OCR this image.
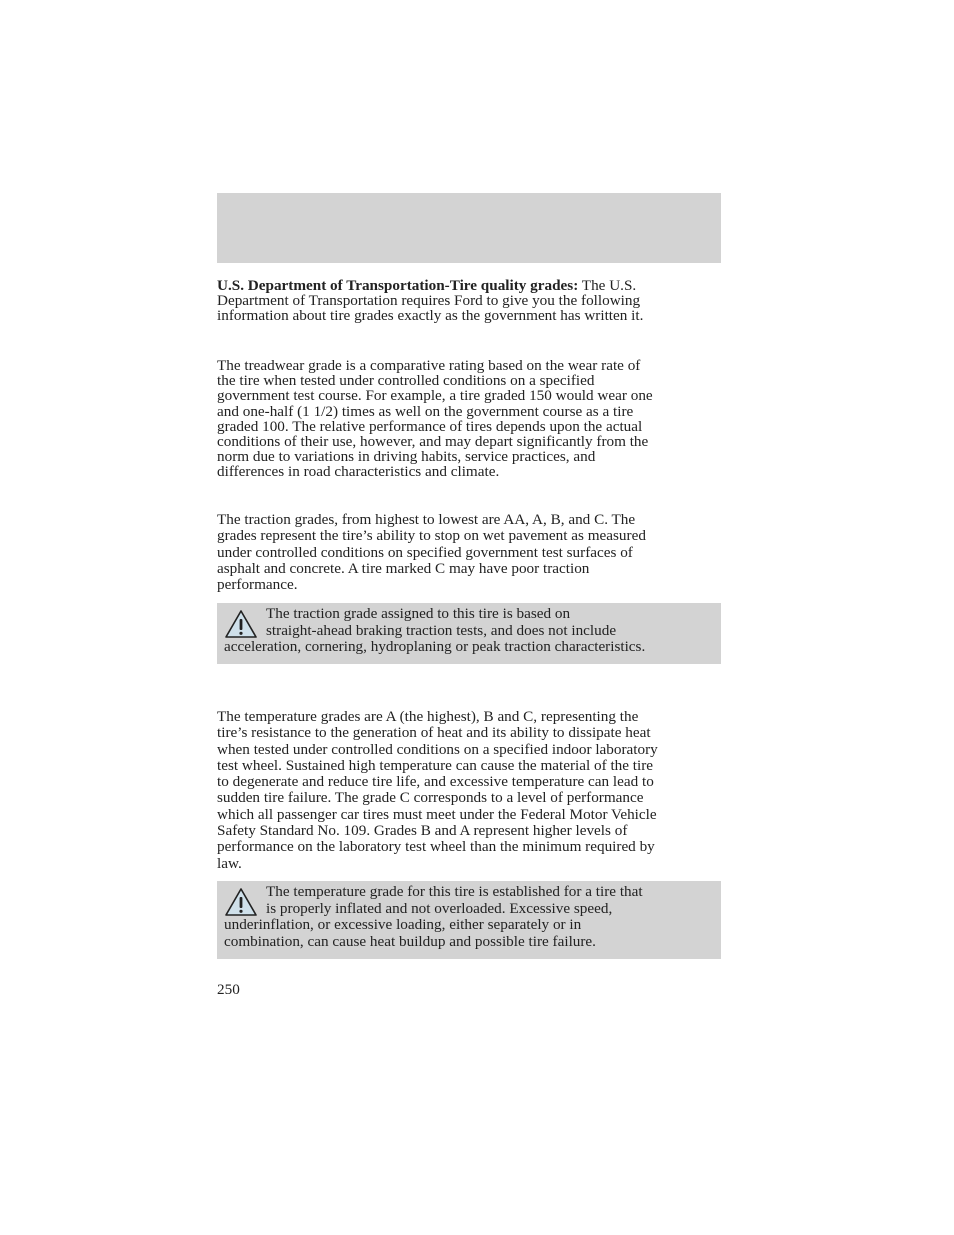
U.S. Department of Transportation-Tire quality grades: The U.S.
Department of Transportation requires Ford to give you the following
information about tire grades exactly as the government has written it.

The treadwear grade is a comparative rating based on the wear rate of
the tire when tested under controlled conditions on a specified
government test course. For example, a tire graded 150 would wear one
and one-half (1 1/2) times as well on the government course as a tire
graded 100. The relative performance of tires depends upon the actual
conditions of their use, however, and may depart significantly from the
norm due to variations in driving habits, service practices, and
differences in road characteristics and climate.

The traction grades, from highest to lowest are AA, A, B, and C. The
grades represent the tire’s ability to stop on wet pavement as measured
under controlled conditions on specified government test surfaces of
asphalt and concrete. A tire marked C may have poor traction
performance.

The traction grade assigned to this tire is based on
straight-ahead braking traction tests, and does not include
acceleration, cornering, hydroplaning or peak traction characteristics.

The temperature grades are A (the highest), B and C, representing the
tire’s resistance to the generation of heat and its ability to dissipate heat
when tested under controlled conditions on a specified indoor laboratory
test wheel. Sustained high temperature can cause the material of the tire
to degenerate and reduce tire life, and excessive temperature can lead to
sudden tire failure. The grade C corresponds to a level of performance
which all passenger car tires must meet under the Federal Motor Vehicle
Safety Standard No. 109. Grades B and A represent higher levels of
performance on the laboratory test wheel than the minimum required by
law.

The temperature grade for this tire is established for a tire that
is properly inflated and not overloaded. Excessive speed,
underinflation, or excessive loading, either separately or in
combination, can cause heat buildup and possible tire failure.

250
